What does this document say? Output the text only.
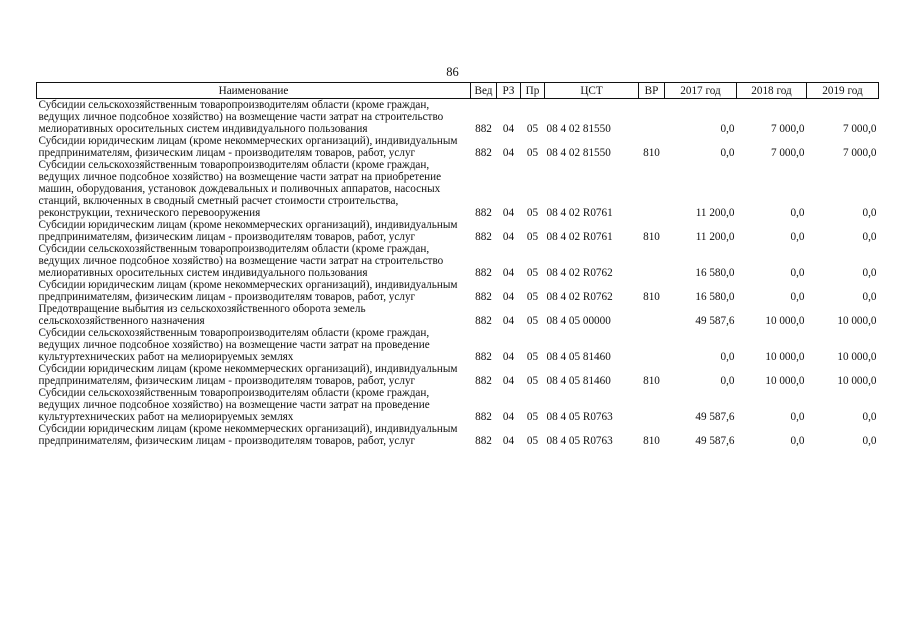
86
Наименование	Вед	РЗ	Пр	ЦСТ	ВР	2017 год	2018 год	2019 год
Субсидии сельскохозяйственным товаропроизводителям области (кроме граждан, ведущих личное подсобное хозяйство) на возмещение части затрат на строительство мелиоративных оросительных систем индивидуального пользования	882	04	05	08 4 02 81550		0,0	7 000,0	7 000,0
Субсидии юридическим лицам (кроме некоммерческих организаций), индивидуальным предпринимателям, физическим лицам - производителям товаров, работ, услуг	882	04	05	08 4 02 81550	810	0,0	7 000,0	7 000,0
Субсидии сельскохозяйственным товаропроизводителям области (кроме граждан, ведущих личное подсобное хозяйство) на возмещение части затрат на приобретение машин, оборудования, установок дождевальных и поливочных аппаратов, насосных станций, включенных в сводный сметный расчет стоимости строительства, реконструкции, технического перевооружения	882	04	05	08 4 02 R0761		11 200,0	0,0	0,0
Субсидии юридическим лицам (кроме некоммерческих организаций), индивидуальным предпринимателям, физическим лицам - производителям товаров, работ, услуг	882	04	05	08 4 02 R0761	810	11 200,0	0,0	0,0
Субсидии сельскохозяйственным товаропроизводителям области (кроме граждан, ведущих личное подсобное хозяйство) на возмещение части затрат на строительство мелиоративных оросительных систем индивидуального пользования	882	04	05	08 4 02 R0762		16 580,0	0,0	0,0
Субсидии юридическим лицам (кроме некоммерческих организаций), индивидуальным предпринимателям, физическим лицам - производителям товаров, работ, услуг	882	04	05	08 4 02 R0762	810	16 580,0	0,0	0,0
Предотвращение выбытия из сельскохозяйственного оборота земель сельскохозяйственного назначения	882	04	05	08 4 05 00000		49 587,6	10 000,0	10 000,0
Субсидии сельскохозяйственным товаропроизводителям области (кроме граждан, ведущих личное подсобное хозяйство) на возмещение части затрат на проведение культуртехнических работ на мелиорируемых землях	882	04	05	08 4 05 81460		0,0	10 000,0	10 000,0
Субсидии юридическим лицам (кроме некоммерческих организаций), индивидуальным предпринимателям, физическим лицам - производителям товаров, работ, услуг	882	04	05	08 4 05 81460	810	0,0	10 000,0	10 000,0
Субсидии сельскохозяйственным товаропроизводителям области (кроме граждан, ведущих личное подсобное хозяйство) на возмещение части затрат на проведение культуртехнических работ на мелиорируемых землях	882	04	05	08 4 05 R0763		49 587,6	0,0	0,0
Субсидии юридическим лицам (кроме некоммерческих организаций), индивидуальным предпринимателям, физическим лицам - производителям товаров, работ, услуг	882	04	05	08 4 05 R0763	810	49 587,6	0,0	0,0
